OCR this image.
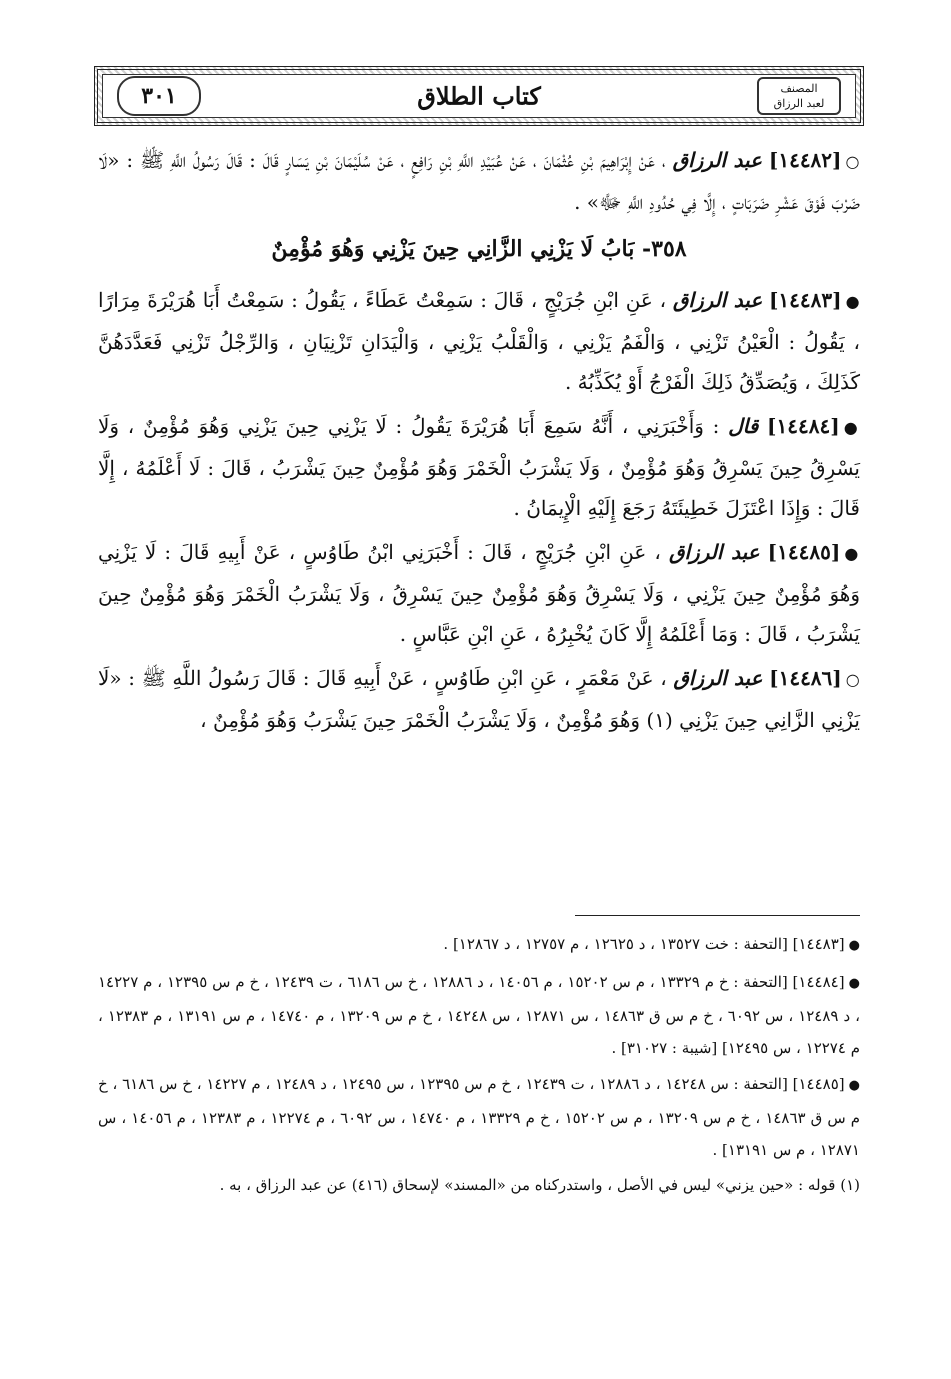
٣٠١	كتاب الطلاق	المصنف
لعبد الرزاق

○[١٤٤٨٢] عبد الرزاق ، عَنْ إِبْرَاهِيمَ بْنِ عُثْمَانَ ، عَنْ عُبَيْدِ اللَّهِ بْنِ رَافِعٍ ، عَنْ سُلَيْمَانَ بْنِ يَسَارٍ قَالَ : قَالَ رَسُولُ اللَّهِ ﷺ : «لَا ضَرْبَ فَوْقَ عَشْرِ ضَرَبَاتٍ ، إِلَّا فِي حُدُودِ اللَّهِ ﷻ» .

٣٥٨- بَابُ لَا يَزْنِي الزَّانِي حِينَ يَزْنِي وَهُوَ مُؤْمِنٌ

●[١٤٤٨٣] عبد الرزاق ، عَنِ ابْنِ جُرَيْجٍ ، قَالَ : سَمِعْتُ عَطَاءً ، يَقُولُ : سَمِعْتُ أَبَا هُرَيْرَةَ مِرَارًا ، يَقُولُ : الْعَيْنُ تَزْنِي ، وَالْفَمُ يَزْنِي ، وَالْقَلْبُ يَزْنِي ، وَالْيَدَانِ تَزْنِيَانِ ، وَالرِّجْلُ تَزْنِي فَعَدَّدَهُنَّ كَذَلِكَ ، وَيُصَدِّقُ ذَلِكَ الْفَرْجُ أَوْ يُكَذِّبُهُ .

●[١٤٤٨٤] قال : وَأَخْبَرَنِي ، أَنَّهُ سَمِعَ أَبَا هُرَيْرَةَ يَقُولُ : لَا يَزْنِي حِينَ يَزْنِي وَهُوَ مُؤْمِنٌ ، وَلَا يَسْرِقُ حِينَ يَسْرِقُ وَهُوَ مُؤْمِنٌ ، وَلَا يَشْرَبُ الْخَمْرَ وَهُوَ مُؤْمِنٌ حِينَ يَشْرَبُ ، قَالَ : لَا أَعْلَمُهُ ، إِلَّا قَالَ : وَإِذَا اعْتَزَلَ خَطِيئَتَهُ رَجَعَ إِلَيْهِ الْإِيمَانُ .

●[١٤٤٨٥] عبد الرزاق ، عَنِ ابْنِ جُرَيْجٍ ، قَالَ : أَخْبَرَنِي ابْنُ طَاوُسٍ ، عَنْ أَبِيهِ قَالَ : لَا يَزْنِي وَهُوَ مُؤْمِنٌ حِينَ يَزْنِي ، وَلَا يَسْرِقُ وَهُوَ مُؤْمِنٌ حِينَ يَسْرِقُ ، وَلَا يَشْرَبُ الْخَمْرَ وَهُوَ مُؤْمِنٌ حِينَ يَشْرَبُ ، قَالَ : وَمَا أَعْلَمُهُ إِلَّا كَانَ يُخْبِرُهُ ، عَنِ ابْنِ عَبَّاسٍ .

○[١٤٤٨٦] عبد الرزاق ، عَنْ مَعْمَرٍ ، عَنِ ابْنِ طَاوُسٍ ، عَنْ أَبِيهِ قَالَ : قَالَ رَسُولُ اللَّهِ ﷺ : «لَا يَزْنِي الزَّانِي حِينَ يَزْنِي (١) وَهُوَ مُؤْمِنٌ ، وَلَا يَشْرَبُ الْخَمْرَ حِينَ يَشْرَبُ وَهُوَ مُؤْمِنٌ ،

●[١٤٤٨٣] [التحفة : خت ١٣٥٢٧ ، د ١٢٦٢٥ ، م ١٢٧٥٧ ، د ١٢٨٦٧] .

●[١٤٤٨٤] [التحفة : خ م ١٣٣٢٩ ، م س ١٥٢٠٢ ، م ١٤٠٥٦ ، د ١٢٨٨٦ ، خ س ٦١٨٦ ، ت ١٢٤٣٩ ، خ م س ١٢٣٩٥ ، م ١٤٢٢٧ ، د ١٢٤٨٩ ، س ٦٠٩٢ ، خ م س ق ١٤٨٦٣ ، س ١٢٨٧١ ، س ١٤٢٤٨ ، خ م س ١٣٢٠٩ ، م ١٤٧٤٠ ، م س ١٣١٩١ ، م ١٢٣٨٣ ، م ١٢٢٧٤ ، س ١٢٤٩٥] [شيبة : ٣١٠٢٧] .

●[١٤٤٨٥] [التحفة : س ١٤٢٤٨ ، د ١٢٨٨٦ ، ت ١٢٤٣٩ ، خ م س ١٢٣٩٥ ، س ١٢٤٩٥ ، د ١٢٤٨٩ ، م ١٤٢٢٧ ، خ س ٦١٨٦ ، خ م س ق ١٤٨٦٣ ، خ م س ١٣٢٠٩ ، م س ١٥٢٠٢ ، خ م ١٣٣٢٩ ، م ١٤٧٤٠ ، س ٦٠٩٢ ، م ١٢٢٧٤ ، م ١٢٣٨٣ ، م ١٤٠٥٦ ، س ١٢٨٧١ ، م س ١٣١٩١] .

(١) قوله : «حين يزني» ليس في الأصل ، واستدركناه من «المسند» لإسحاق (٤١٦) عن عبد الرزاق ، به .
